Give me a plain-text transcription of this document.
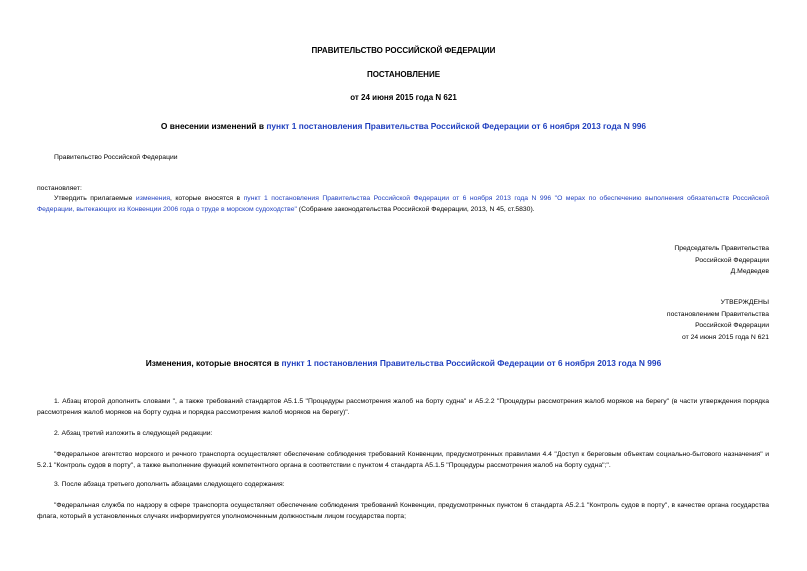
ПРАВИТЕЛЬСТВО РОССИЙСКОЙ ФЕДЕРАЦИИ
ПОСТАНОВЛЕНИЕ
от 24 июня 2015 года N 621
О внесении изменений в пункт 1 постановления Правительства Российской Федерации от 6 ноября 2013 года N 996
Правительство Российской Федерации
постановляет:
Утвердить прилагаемые изменения, которые вносятся в пункт 1 постановления Правительства Российской Федерации от 6 ноября 2013 года N 996 "О мерах по обеспечению выполнения обязательств Российской Федерации, вытекающих из Конвенции 2006 года о труде в морском судоходстве" (Собрание законодательства Российской Федерации, 2013, N 45, ст.5830).
Председатель Правительства
Российской Федерации
Д.Медведев
УТВЕРЖДЕНЫ
постановлением Правительства
Российской Федерации
от 24 июня 2015 года N 621
Изменения, которые вносятся в пункт 1 постановления Правительства Российской Федерации от 6 ноября 2013 года N 996
1. Абзац второй дополнить словами ", а также требований стандартов А5.1.5 "Процедуры рассмотрения жалоб на борту судна" и А5.2.2 "Процедуры рассмотрения жалоб моряков на берегу" (в части утверждения порядка рассмотрения жалоб моряков на борту судна и порядка рассмотрения жалоб моряков на берегу)".
2. Абзац третий изложить в следующей редакции:
"Федеральное агентство морского и речного транспорта осуществляет обеспечение соблюдения требований Конвенции, предусмотренных правилами 4.4 "Доступ к береговым объектам социально-бытового назначения" и 5.2.1 "Контроль судов в порту", а также выполнение функций компетентного органа в соответствии с пунктом 4 стандарта А5.1.5 "Процедуры рассмотрения жалоб на борту судна";".
3. После абзаца третьего дополнить абзацами следующего содержания:
"Федеральная служба по надзору в сфере транспорта осуществляет обеспечение соблюдения требований Конвенции, предусмотренных пунктом 6 стандарта А5.2.1 "Контроль судов в порту", в качестве органа государства флага, который в установленных случаях информируется уполномоченным должностным лицом государства порта;
